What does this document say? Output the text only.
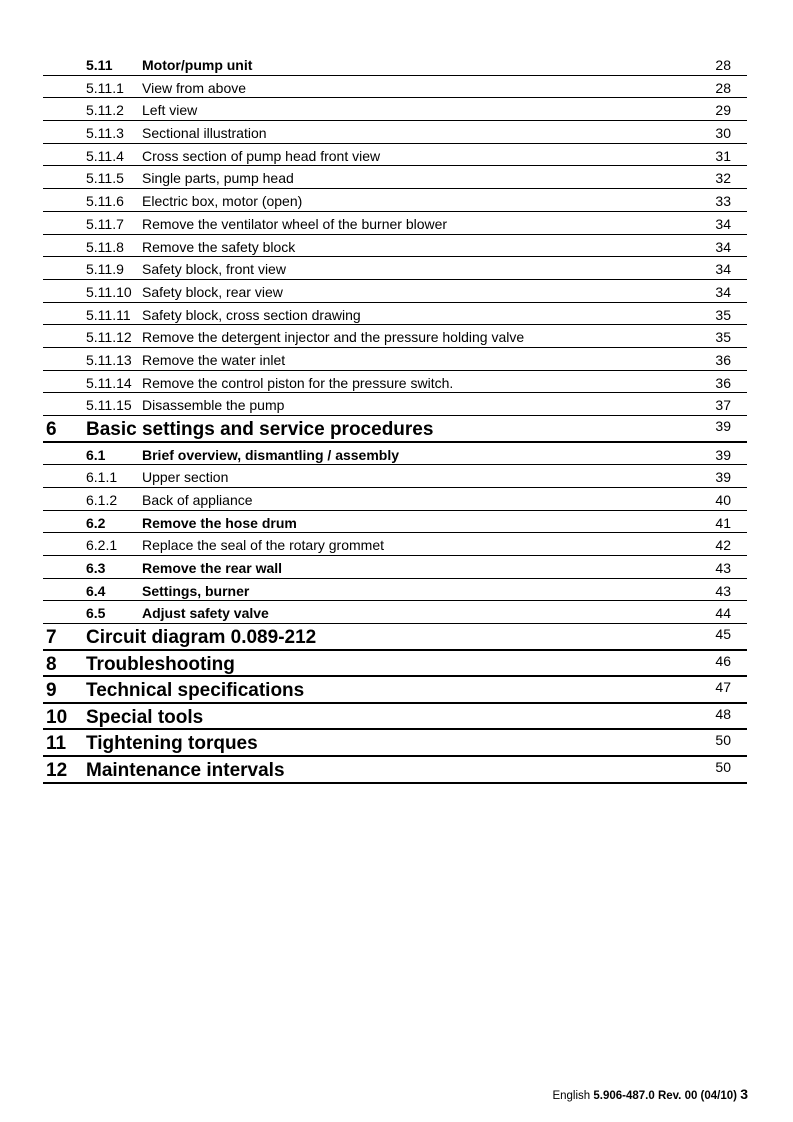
5.11 Motor/pump unit	28
5.11.1 View from above	28
5.11.2 Left view	29
5.11.3 Sectional illustration	30
5.11.4 Cross section of pump head front view	31
5.11.5 Single parts, pump head	32
5.11.6 Electric box, motor (open)	33
5.11.7 Remove the ventilator wheel of the burner blower	34
5.11.8 Remove the safety block	34
5.11.9 Safety block, front view	34
5.11.10 Safety block, rear view	34
5.11.11 Safety block, cross section drawing	35
5.11.12 Remove the detergent injector and the pressure holding valve	35
5.11.13 Remove the water inlet	36
5.11.14 Remove the control piston for the pressure switch.	36
5.11.15 Disassemble the pump	37
6 Basic settings and service procedures	39
6.1	Brief overview, dismantling / assembly	39
6.1.1 Upper section	39
6.1.2 Back of appliance	40
6.2	Remove the hose drum	41
6.2.1 Replace the seal of the rotary grommet	42
6.3	Remove the rear wall	43
6.4	Settings, burner	43
6.5	Adjust safety valve	44
7 Circuit diagram 0.089-212	45
8 Troubleshooting	46
9 Technical specifications	47
10 Special tools	48
11 Tightening torques	50
12 Maintenance intervals	50
English 5.906-487.0 Rev. 00 (04/10) 3
